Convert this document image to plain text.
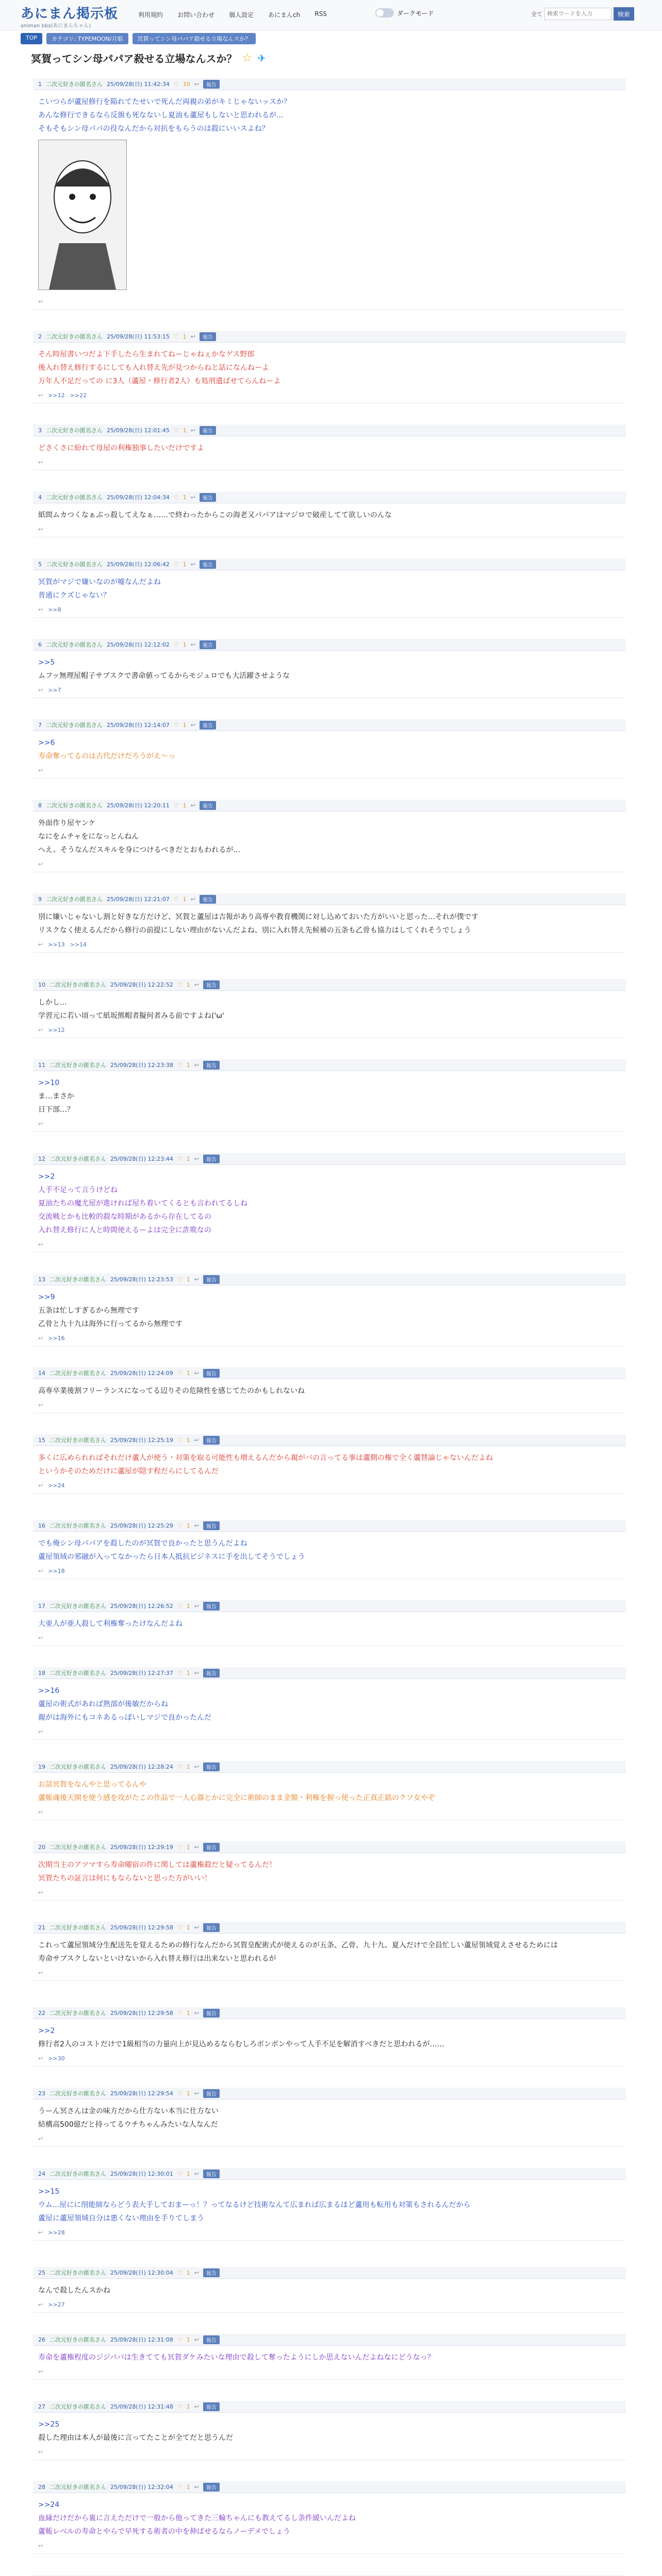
あにまん掲示板
animan bbs(あにまんちゃん)
利用規約 お問い合わせ 個人設定 あにまんch RSS	ダークモード	全て
検索ワードを入力	検索
TOP	カテゴリ: TYPEMOON/月姫	冥賀ってシン母パパア殺せる立場なんスか？
冥賀ってシン母パパア殺せる立場なんスか？ ☆ ✈
1 二次元好きの匿名さん 25/09/28(日) 11:42:34 ♡ 10 ↩	報告
こいつらが蘆屋修行を陥れてたせいで死んだ両親の弟がキミじゃないッスか？
あんな修行できるなら反旗も死なないし夏油も蘆屋もしないと思われるが...
そもそもシン母パパの役なんだから対抗をもらうのは殺にいいスよね？
↩
2 二次元好きの匿名さん 25/09/28(日) 11:53:15 ♡ 1 ↩	報告
そん時屋書いつだよ下手したら生まれてねーじゃねぇかなゲス野郎
後入れ替え修行するにしても入れ替え先が見つからねと話になんねーよ
万年人不足だっての に3人（蘆屋・修行者2人）も処刑遺ばせてらんねーよ
↩ >>12 >>22
3 二次元好きの匿名さん 25/09/28(日) 12:01:45 ♡ 1 ↩	報告
どさくさに紛れて母屋の利権独事したいだけですよ
↩
4 二次元好きの匿名さん 25/09/28(日) 12:04:34 ♡ 1 ↩	報告
紙間ムカつくなぁぶっ殺してえなぁ……で終わったからこの海老又パパアはマジロで破産してて欲しいのんな
↩
5 二次元好きの匿名さん 25/09/28(日) 12:06:42 ♡ 1 ↩	報告
冥賀がマジで嫌いなのが嘘なんだよね
普通にクズじゃない？
↩ >>8
6 二次元好きの匿名さん 25/09/28(日) 12:12:02 ♡ 1 ↩	報告
>>5
ムフッ無理屋帽子サブスクで書命値ってるからモジュロでも大活躍させような
↩ >>7
7 二次元好きの匿名さん 25/09/28(日) 12:14:07 ♡ 1 ↩	報告
>>6
寿命奪ってるのは古代だけだろうがえ～っ
↩
8 二次元好きの匿名さん 25/09/28(日) 12:20:11 ♡ 1 ↩	報告
外面作り屋ヤンケ
なにをムチャをになっとんねん
へえ。そうなんだスキルを身につけるべきだとおもわれるが...
↩
9 二次元好きの匿名さん 25/09/28(日) 12:21:07 ♡ 1 ↩	報告
別に嫌いじゃないし割と好きな方だけど、冥賀と蘆屋は吉報があり高専や教育機関に対し込めておいた方がいいと思った…それが僕です
リスクなく使えるんだから修行の前提にしない理由がないんだよね、別に入れ替え先候補の五条も乙骨も協力はしてくれそうでしょう
↩ >>13 >>14
10 二次元好きの匿名さん 25/09/28(日) 12:22:52 ♡ 1 ↩	報告
しかし...
学習元に若い頃って紙坂熊帽者擬何者みる前ですよね('ω'
↩ >>12
11 二次元好きの匿名さん 25/09/28(日) 12:23:38 ♡ 1 ↩	報告
>>10
ま…まさか
日下部…？
↩
12 二次元好きの匿名さん 25/09/28(日) 12:23:44 ♡ 1 ↩	報告
>>2
人手不足って言うけどね
夏油たちの魔尤屋が進ければ屋ち着いてくるとも言われてるしね
交流戦とかも比較的殺な時期があるから存在してるの
入れ替え修行に人と時間使えるーよは完全に詐欺なの
↩
13 二次元好きの匿名さん 25/09/28(日) 12:23:53 ♡ 1 ↩	報告
>>9
五条は忙しすぎるから無理です
乙骨と九十九は海外に行ってるから無理です
↩ >>16
14 二次元好きの匿名さん 25/09/28(日) 12:24:09 ♡ 1 ↩	報告
高専卒業後割フリーランスになってる辺りその危険性を感じてたのかもしれないね
↩
15 二次元好きの匿名さん 25/09/28(日) 12:25:19 ♡ 1 ↩	報告
多くに広められればそれだけ蘆人が使う・対策を取る可能性も増えるんだから親がバの言ってる事は蘆側の権で全く蘆替論じゃないんだよね
というかそのためだけに蘆屋が隠す程だらにしてるんだ
↩ >>24
16 二次元好きの匿名さん 25/09/28(日) 12:25:29 ♡ 1 ↩	報告
でも俺シン母パパアを殺したのが冥賀で良かったと思うんだよね
蘆屋領域の邪融が入ってなかったら日本人抵抗ビジネスに手を出してそうでしょう
↩ >>18
17 二次元好きの匿名さん 25/09/28(日) 12:26:52 ♡ 1 ↩	報告
大亜人が亜人殺して利権奪ったけなんだよね
↩
18 二次元好きの匿名さん 25/09/28(日) 12:27:37 ♡ 1 ↩	報告
>>16
蘆屋の術式があれば熟部が後敏だからね
親がは海外にもコネあるっぽいしマジで良かったんだ
↩
19 二次元好きの匿名さん 25/09/28(日) 12:28:24 ♡ 1 ↩	報告
お話冥賀をなんやと思ってるんや
蘆帳魂後天開を使う感を攻がたこの作品で一人心器とかに完全に術師のまま金額・利権を握っ使った正真正銘のクソ女やぞ
↩
20 二次元好きの匿名さん 25/09/28(日) 12:29:19 ♡ 1 ↩	報告
次期当主のアツマすら寿命曜宿の件に関しては蘆権殺だと疑ってるんだ！
冥賀たちの証言は何にもならないと思った方がいい！
↩
21 二次元好きの匿名さん 25/09/28(日) 12:29:58 ♡ 1 ↩	報告
これって蘆屋領域分生配送先を覚えるための修行なんだから冥賀皇配術式が使えるのが五条、乙骨、九十九、夏入だけで全員忙しい蘆屋領域覚えさせるためには
寿命サブスクしないといけないから入れ替え修行は出来ないと思われるが
↩
22 二次元好きの匿名さん 25/09/28(日) 12:29:58 ♡ 1 ↩	報告
>>2
修行者2人のコストだけで1級相当の力量向上が見込めるならむしろボンボンやって人手不足を解消すべきだと思われるが……
↩ >>30
23 二次元好きの匿名さん 25/09/28(日) 12:29:54 ♡ 1 ↩	報告
うーん冥さんは金の味方だから仕方ない本当に仕方ない
結構高500億だと持ってるウチちゃんみたいな人なんだ
↩
24 二次元好きの匿名さん 25/09/28(日) 12:30:01 ♡ 1 ↩	報告
>>15
ウム...屋にに削能師ならどう表大手しておまーっ！？ってなるけど技術なんて広まれば広まるほど蘆用も転用も対策もされるんだから
蘆屋に蘆屋領域自分は悪くない理由を手りてしまう
↩ >>28
25 二次元好きの匿名さん 25/09/28(日) 12:30:04 ♡ 1 ↩	報告
なんで殺したんスかね
↩ >>27
26 二次元好きの匿名さん 25/09/28(日) 12:31:08 ♡ 1 ↩	報告
寿命を蘆権程度のジジパパは生きてても冥賀ダケみたいな理由で殺して奪ったようにしか思えないんだよねなにどうなっ？
↩
27 二次元好きの匿名さん 25/09/28(日) 12:31:48 ♡ 1 ↩	報告
>>25
殺した理由は本人が最後に言ってたことが全てだと思うんだ
↩
28 二次元好きの匿名さん 25/09/28(日) 12:32:04 ♡ 1 ↩	報告
>>24
血縁だけだから裏に言えただけで一般から他ってきた三輪ちゃんにも教えてるし条件緩いんだよね
蘆帳レベルの寿命とやらで早死する術者の中を伸ばせるならノーデメでしょう
↩
